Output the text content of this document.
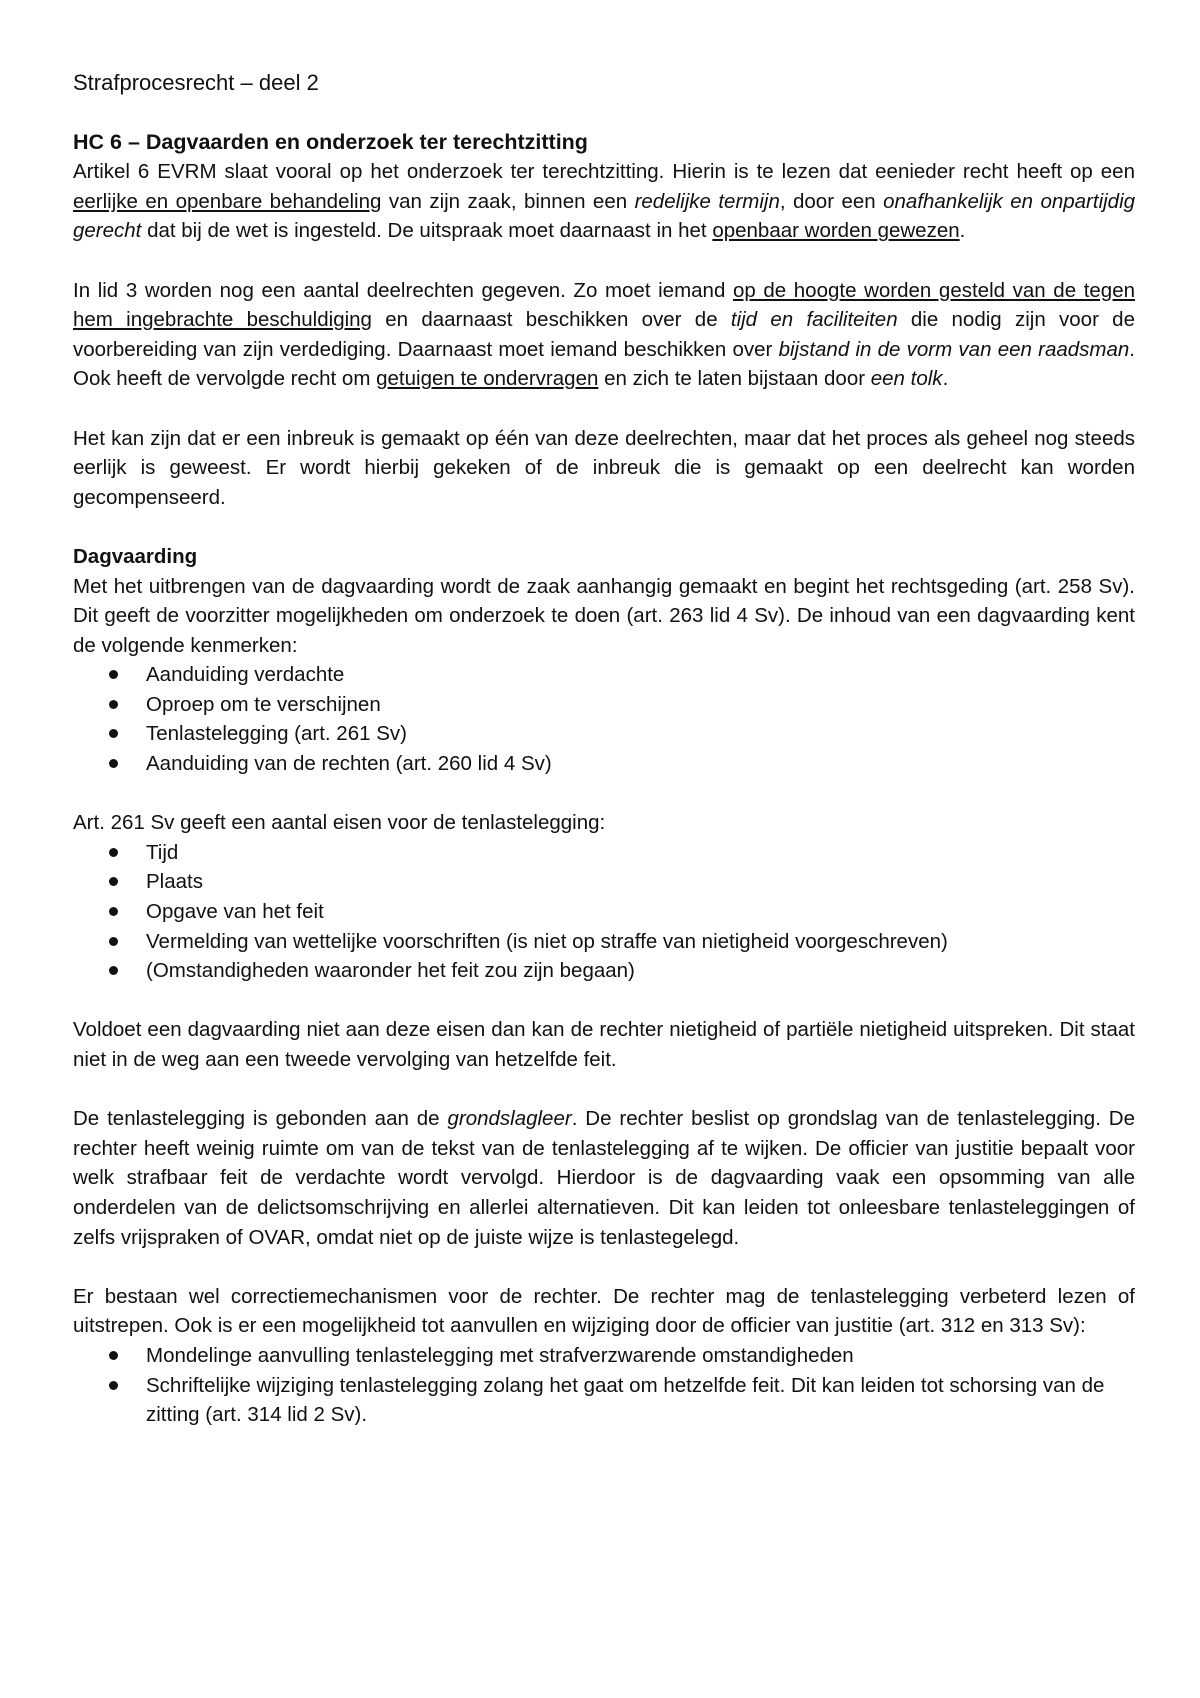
Strafprocesrecht – deel 2
HC 6 – Dagvaarden en onderzoek ter terechtzitting

Artikel 6 EVRM slaat vooral op het onderzoek ter terechtzitting. Hierin is te lezen dat eenieder recht heeft op een eerlijke en openbare behandeling van zijn zaak, binnen een redelijke termijn, door een onafhankelijk en onpartijdig gerecht dat bij de wet is ingesteld. De uitspraak moet daarnaast in het openbaar worden gewezen.

In lid 3 worden nog een aantal deelrechten gegeven. Zo moet iemand op de hoogte worden gesteld van de tegen hem ingebrachte beschuldiging en daarnaast beschikken over de tijd en faciliteiten die nodig zijn voor de voorbereiding van zijn verdediging. Daarnaast moet iemand beschikken over bijstand in de vorm van een raadsman. Ook heeft de vervolgde recht om getuigen te ondervragen en zich te laten bijstaan door een tolk.

Het kan zijn dat er een inbreuk is gemaakt op één van deze deelrechten, maar dat het proces als geheel nog steeds eerlijk is geweest. Er wordt hierbij gekeken of de inbreuk die is gemaakt op een deelrecht kan worden gecompenseerd.

Dagvaarding

Met het uitbrengen van de dagvaarding wordt de zaak aanhangig gemaakt en begint het rechtsgeding (art. 258 Sv). Dit geeft de voorzitter mogelijkheden om onderzoek te doen (art. 263 lid 4 Sv). De inhoud van een dagvaarding kent de volgende kenmerken:

Aanduiding verdachte
Oproep om te verschijnen
Tenlastelegging (art. 261 Sv)
Aanduiding van de rechten (art. 260 lid 4 Sv)

Art. 261 Sv geeft een aantal eisen voor de tenlastelegging:

Tijd
Plaats
Opgave van het feit
Vermelding van wettelijke voorschriften (is niet op straffe van nietigheid voorgeschreven)
(Omstandigheden waaronder het feit zou zijn begaan)

Voldoet een dagvaarding niet aan deze eisen dan kan de rechter nietigheid of partiële nietigheid uitspreken. Dit staat niet in de weg aan een tweede vervolging van hetzelfde feit.

De tenlastelegging is gebonden aan de grondslagleer. De rechter beslist op grondslag van de tenlastelegging. De rechter heeft weinig ruimte om van de tekst van de tenlastelegging af te wijken. De officier van justitie bepaalt voor welk strafbaar feit de verdachte wordt vervolgd. Hierdoor is de dagvaarding vaak een opsomming van alle onderdelen van de delictsomschrijving en allerlei alternatieven. Dit kan leiden tot onleesbare tenlasteleggingen of zelfs vrijspraken of OVAR, omdat niet op de juiste wijze is tenlastegelegd.

Er bestaan wel correctiemechanismen voor de rechter. De rechter mag de tenlastelegging verbeterd lezen of uitstrepen. Ook is er een mogelijkheid tot aanvullen en wijziging door de officier van justitie (art. 312 en 313 Sv):

Mondelinge aanvulling tenlastelegging met strafverzwarende omstandigheden
Schriftelijke wijziging tenlastelegging zolang het gaat om hetzelfde feit. Dit kan leiden tot schorsing van de zitting (art. 314 lid 2 Sv).
